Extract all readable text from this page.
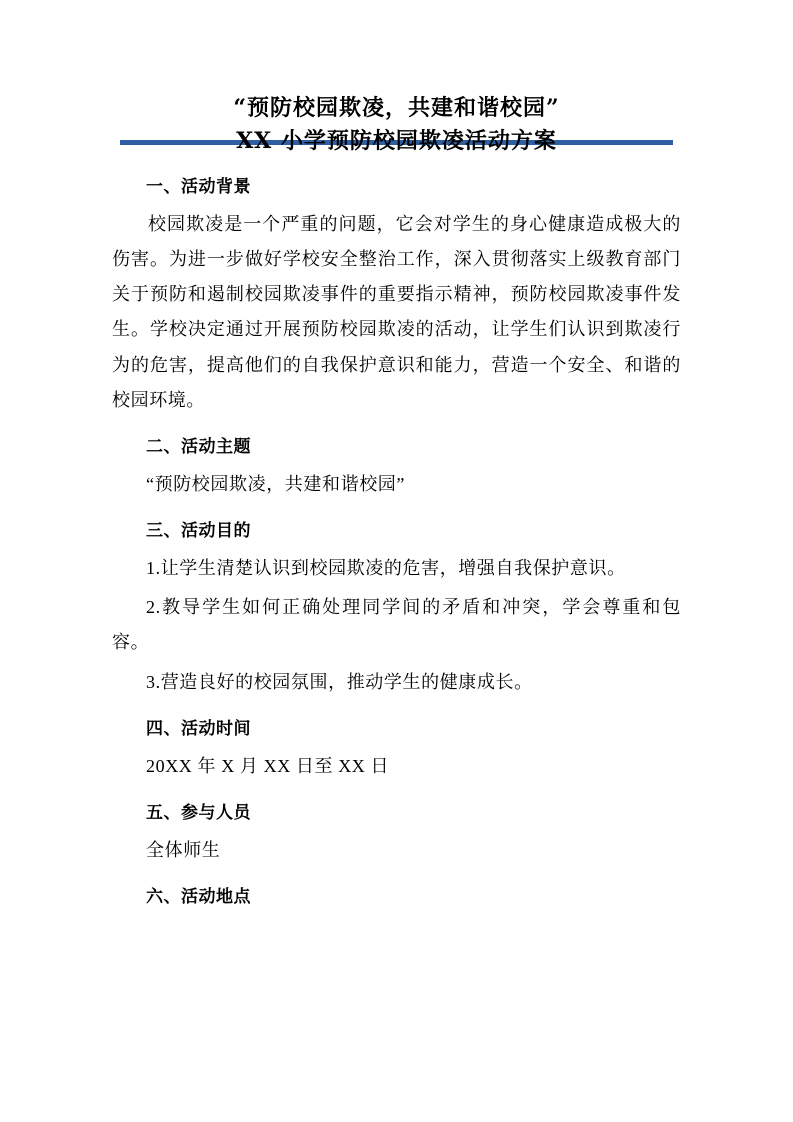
“预防校园欺凌，共建和谐校园”
XX 小学预防校园欺凌活动方案
一、活动背景
校园欺凌是一个严重的问题，它会对学生的身心健康造成极大的伤害。为进一步做好学校安全整治工作，深入贯彻落实上级教育部门关于预防和遏制校园欺凌事件的重要指示精神，预防校园欺凌事件发生。学校决定通过开展预防校园欺凌的活动，让学生们认识到欺凌行为的危害，提高他们的自我保护意识和能力，营造一个安全、和谐的校园环境。
二、活动主题
“预防校园欺凌，共建和谐校园”
三、活动目的
1.让学生清楚认识到校园欺凌的危害，增强自我保护意识。
2.教导学生如何正确处理同学间的矛盾和冲突，学会尊重和包容。
3.营造良好的校园氛围，推动学生的健康成长。
四、活动时间
20XX 年 X 月 XX 日至 XX 日
五、参与人员
全体师生
六、活动地点
